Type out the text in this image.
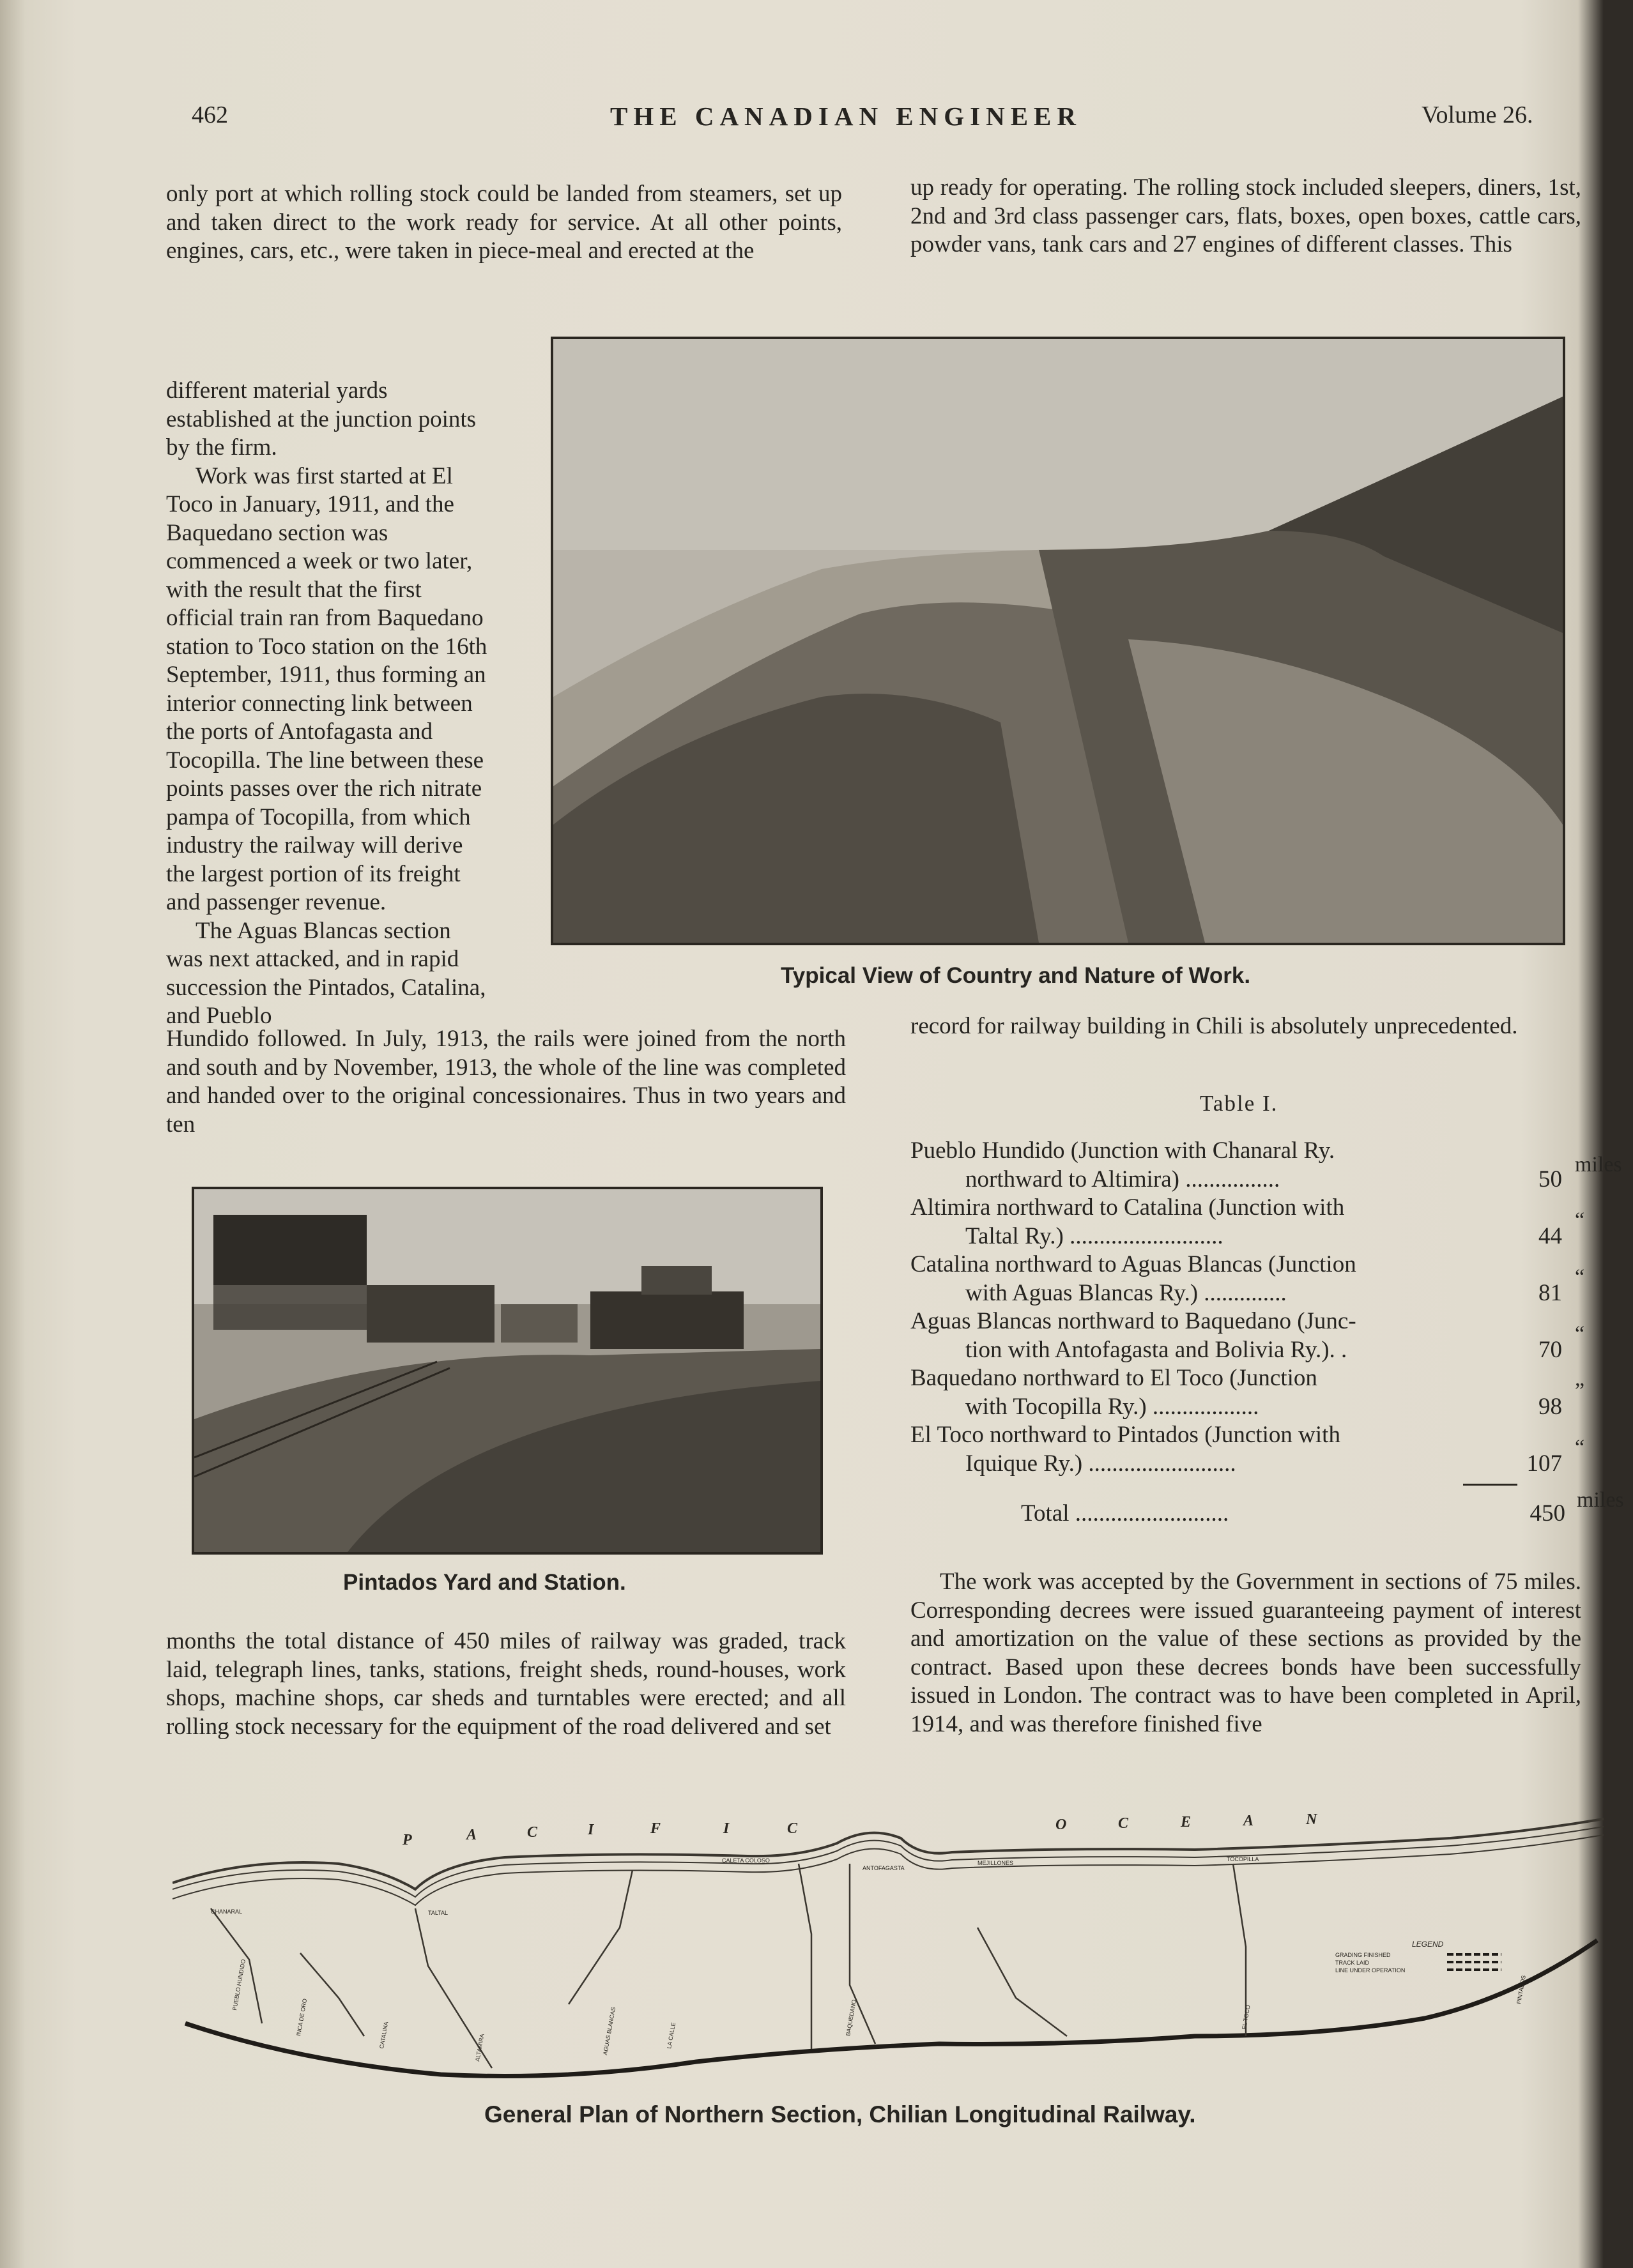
462	THE CANADIAN ENGINEER	Volume 26.

only port at which rolling stock could be landed from steamers, set up and taken direct to the work ready for service. At all other points, engines, cars, etc., were taken in piece-meal and erected at the

different material yards established at the junction points by the firm.

Work was first started at El Toco in January, 1911, and the Baquedano section was commenced a week or two later, with the result that the first official train ran from Baquedano station to Toco station on the 16th September, 1911, thus forming an interior connecting link between the ports of Antofagasta and Tocopilla. The line between these points passes over the rich nitrate pampa of Tocopilla, from which industry the railway will derive the largest portion of its freight and passenger revenue.

The Aguas Blancas section was next attacked, and in rapid succession the Pintados, Catalina, and Pueblo

Hundido followed. In July, 1913, the rails were joined from the north and south and by November, 1913, the whole of the line was completed and handed over to the original concessionaires. Thus in two years and ten

months the total distance of 450 miles of railway was graded, track laid, telegraph lines, tanks, stations, freight sheds, round-houses, work shops, machine shops, car sheds and turntables were erected; and all rolling stock necessary for the equipment of the road delivered and set

up ready for operating. The rolling stock included sleepers, diners, 1st, 2nd and 3rd class passenger cars, flats, boxes, open boxes, cattle cars, powder vans, tank cars and 27 engines of different classes. This

Typical View of Country and Nature of Work.
Pintados Yard and Station.

record for railway building in Chili is absolutely unprecedented.

Table I.
Pueblo Hundido (Junction with Chanaral Ry.
northward to Altimira) ................	50
miles
Altimira northward to Catalina (Junction with
Taltal Ry.) ..........................	44
“
Catalina northward to Aguas Blancas (Junction
with Aguas Blancas Ry.) ..............	81
“
Aguas Blancas northward to Baquedano (Junc-
tion with Antofagasta and Bolivia Ry.). .	70
“
Baquedano northward to El Toco (Junction
with Tocopilla Ry.) ..................	98
”
El Toco northward to Pintados (Junction with
Iquique Ry.) .........................	107
“
Total ..........................	450
miles

The work was accepted by the Government in sections of 75 miles. Corresponding decrees were issued guaranteeing payment of interest and amortization on the value of these sections as provided by the contract. Based upon these decrees bonds have been successfully issued in London. The contract was to have been completed in April, 1914, and was therefore finished five

P	A	C	I	F	I	C	O	C	E	A	N
CALETA COLOSO
ANTOFAGASTA
MEJILLONES
TOCOPILLA
TALTAL
CHANARAL
PUEBLO HUNDIDO
INCA DE ORO	CATALINA	ALTAMIRA	AGUAS BLANCAS	LA CALLE	BAQUEDANO	EL TOCO
PINTADOS
LEGEND
GRADING FINISHED
TRACK LAID
LINE UNDER OPERATION
General Plan of Northern Section, Chilian Longitudinal Railway.
